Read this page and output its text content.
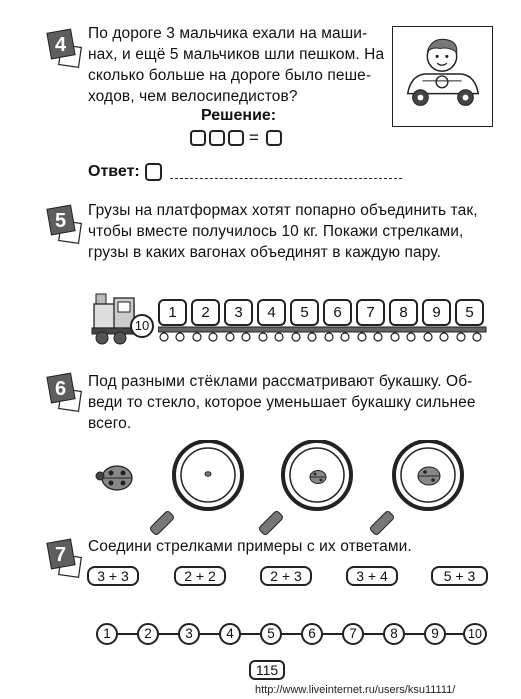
4
По дороге 3 мальчика ехали на маши-
нах, и ещё 5 мальчиков шли пешком. На
сколько больше на дороге было пеше-
ходов, чем велосипедистов?
Решение:
=
Ответ:
5 Грузы на платформах хотят попарно объединить так,
чтобы вместе получилось 10 кг. Покажи стрелками,
грузы в каких вагонах объединят в каждую пару.
10
1	2	3	4	5	6	7	8	9	5
6 Под разными стёклами рассматривают букашку. Об-
веди то стекло, которое уменьшает букашку сильнее
всего.
7 Соедини стрелками примеры с их ответами.
3 + 3	2 + 2	2 + 3	3 + 4	5 + 3
1	2	3	4	5	6	7	8	9	10
115
http://www.liveinternet.ru/users/ksu11111/
